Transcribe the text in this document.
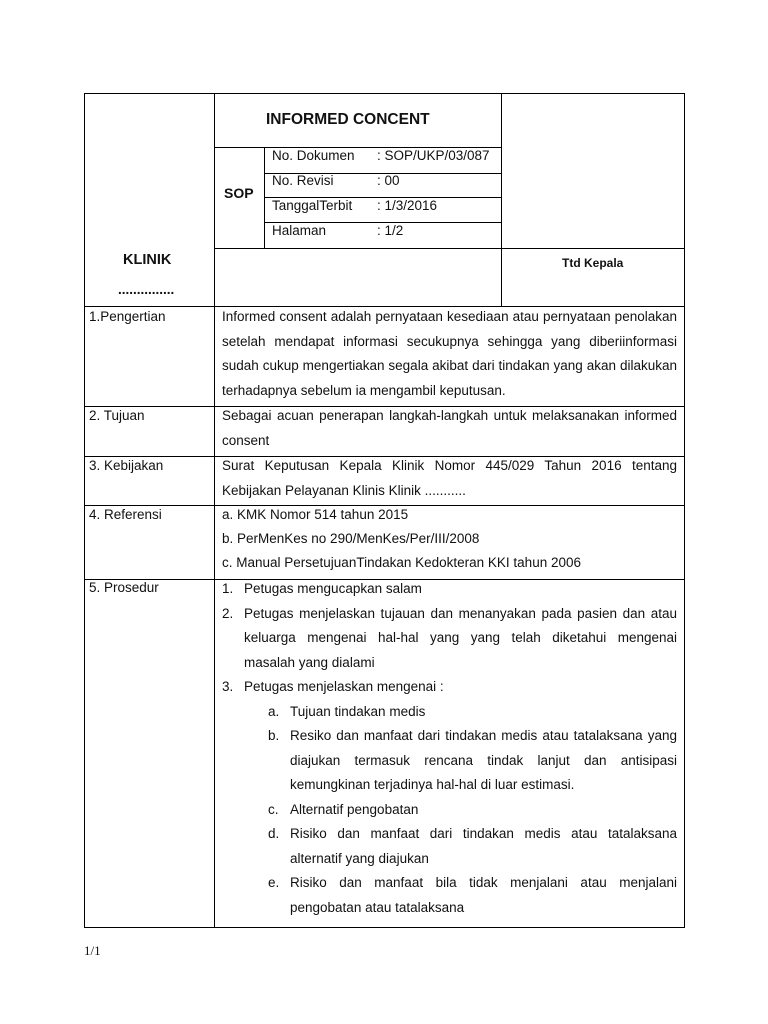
INFORMED CONCENT
SOP
No. Dokumen : SOP/UKP/03/087
No. Revisi	: 00
TanggalTerbit : 1/3/2016
Halaman	: 1/2
KLINIK
...............
Ttd Kepala
1.Pengertian	Informed consent adalah pernyataan kesediaan atau pernyataan penolakan setelah mendapat informasi secukupnya sehingga yang diberiinformasi sudah cukup mengertiakan segala akibat dari tindakan yang akan dilakukan terhadapnya sebelum ia mengambil keputusan.
2. Tujuan	Sebagai acuan penerapan langkah-langkah untuk melaksanakan informed consent
3. Kebijakan	Surat Keputusan Kepala Klinik Nomor 445/029 Tahun 2016 tentang Kebijakan Pelayanan Klinis Klinik ...........
4. Referensi	a. KMK Nomor 514 tahun 2015
b. PerMenKes no 290/MenKes/Per/III/2008
c. Manual PersetujuanTindakan Kedokteran KKI tahun 2006
5. Prosedur	1. Petugas mengucapkan salam
2. Petugas menjelaskan tujauan dan menanyakan pada pasien dan atau keluarga mengenai hal-hal yang yang telah diketahui mengenai masalah yang dialami
3. Petugas menjelaskan mengenai :
a. Tujuan tindakan medis
b. Resiko dan manfaat dari tindakan medis atau tatalaksana yang diajukan termasuk rencana tindak lanjut dan antisipasi kemungkinan terjadinya hal-hal di luar estimasi.
c. Alternatif pengobatan
d. Risiko dan manfaat dari tindakan medis atau tatalaksana alternatif yang diajukan
e. Risiko dan manfaat bila tidak menjalani atau menjalani pengobatan atau tatalaksana
1/1
